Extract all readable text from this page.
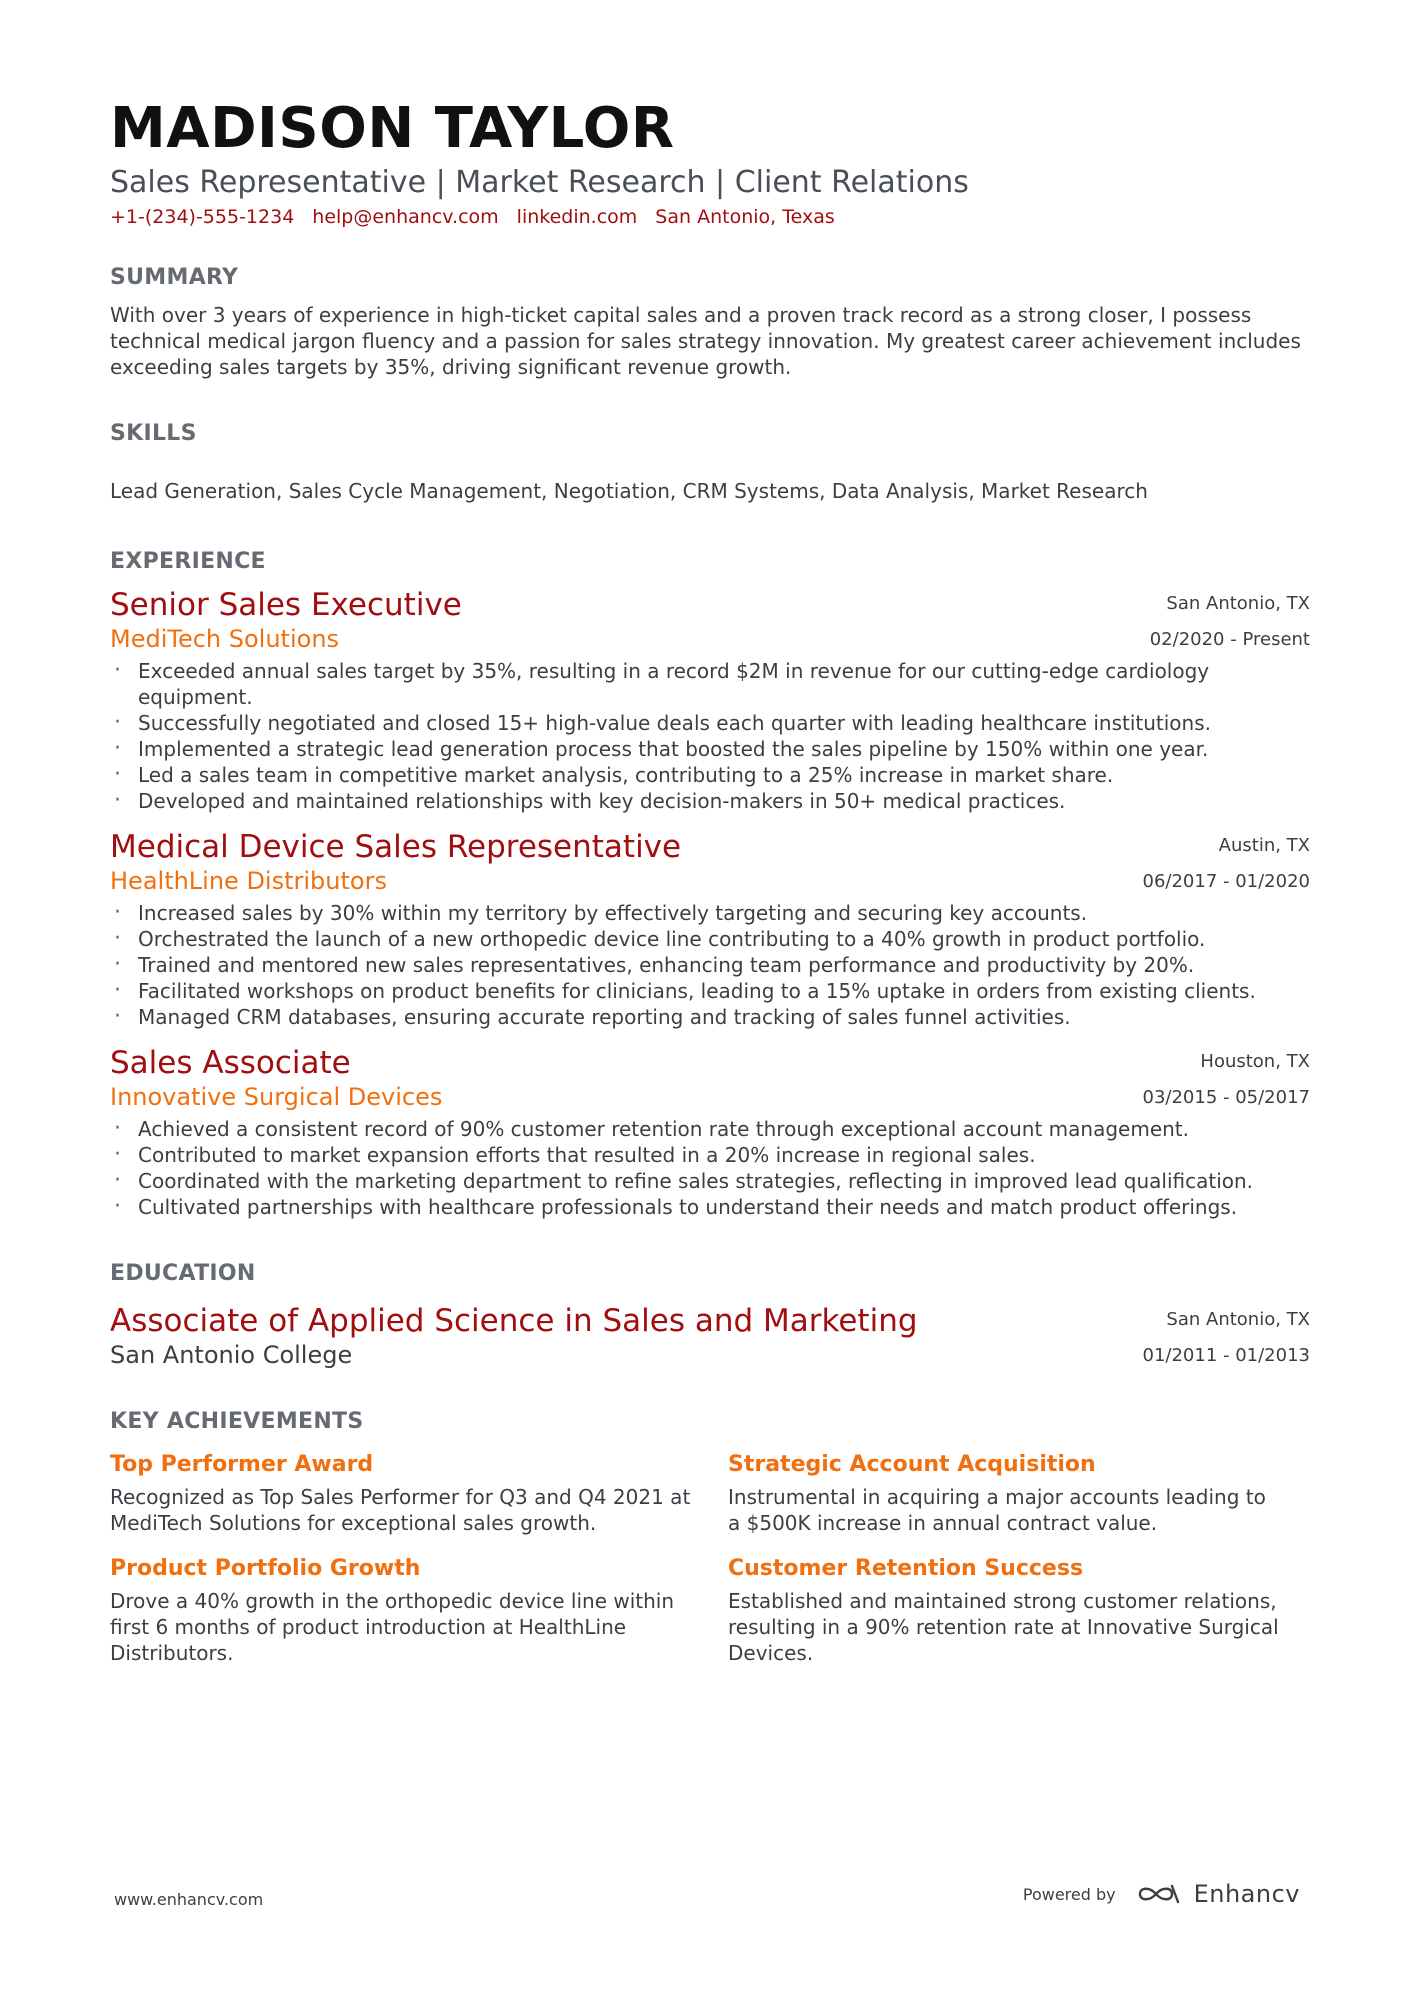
MADISON TAYLOR
Sales Representative | Market Research | Client Relations
+1-(234)-555-1234 help@enhancv.com linkedin.com San Antonio, Texas
SUMMARY
With over 3 years of experience in high-ticket capital sales and a proven track record as a strong closer, I possess technical medical jargon fluency and a passion for sales strategy innovation. My greatest career achievement includes exceeding sales targets by 35%, driving significant revenue growth.
SKILLS
Lead Generation, Sales Cycle Management, Negotiation, CRM Systems, Data Analysis, Market Research
EXPERIENCE
Senior Sales Executive
MediTech Solutions
San Antonio, TX
02/2020 - Present
· Exceeded annual sales target by 35%, resulting in a record $2M in revenue for our cutting-edge cardiology equipment.
· Successfully negotiated and closed 15+ high-value deals each quarter with leading healthcare institutions.
· Implemented a strategic lead generation process that boosted the sales pipeline by 150% within one year.
· Led a sales team in competitive market analysis, contributing to a 25% increase in market share.
· Developed and maintained relationships with key decision-makers in 50+ medical practices.
Medical Device Sales Representative
HealthLine Distributors
Austin, TX
06/2017 - 01/2020
· Increased sales by 30% within my territory by effectively targeting and securing key accounts.
· Orchestrated the launch of a new orthopedic device line contributing to a 40% growth in product portfolio.
· Trained and mentored new sales representatives, enhancing team performance and productivity by 20%.
· Facilitated workshops on product benefits for clinicians, leading to a 15% uptake in orders from existing clients.
· Managed CRM databases, ensuring accurate reporting and tracking of sales funnel activities.
Sales Associate
Innovative Surgical Devices
Houston, TX
03/2015 - 05/2017
· Achieved a consistent record of 90% customer retention rate through exceptional account management.
· Contributed to market expansion efforts that resulted in a 20% increase in regional sales.
· Coordinated with the marketing department to refine sales strategies, reflecting in improved lead qualification.
· Cultivated partnerships with healthcare professionals to understand their needs and match product offerings.
EDUCATION
Associate of Applied Science in Sales and Marketing
San Antonio College
San Antonio, TX
01/2011 - 01/2013
KEY ACHIEVEMENTS
Top Performer Award
Recognized as Top Sales Performer for Q3 and Q4 2021 at MediTech Solutions for exceptional sales growth.
Strategic Account Acquisition
Instrumental in acquiring a major accounts leading to a $500K increase in annual contract value.
Product Portfolio Growth
Drove a 40% growth in the orthopedic device line within first 6 months of product introduction at HealthLine Distributors.
Customer Retention Success
Established and maintained strong customer relations, resulting in a 90% retention rate at Innovative Surgical Devices.
www.enhancv.com	Powered by	Enhancv
